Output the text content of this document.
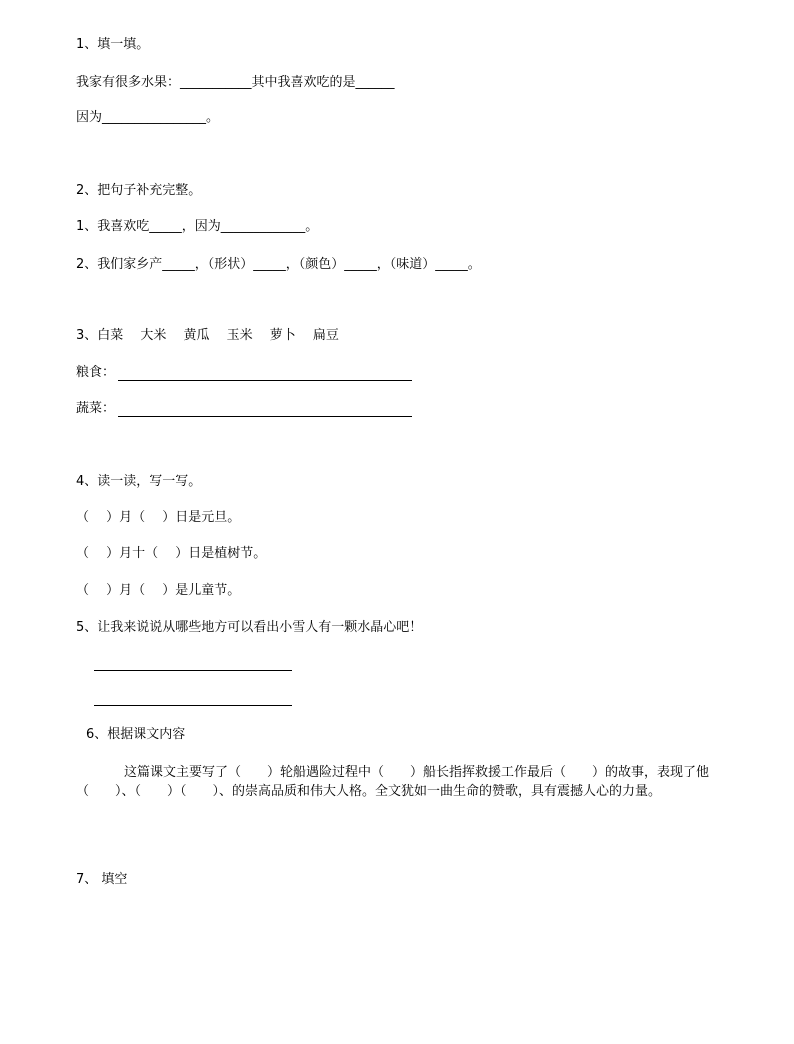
1、填一填。

我家有很多水果：___________其中我喜欢吃的是______

因为________________。

2、把句子补充完整。

1、我喜欢吃_____，因为_____________。

2、我们家乡产_____，（形状）_____，（颜色）_____，（味道）_____。

3、白菜　 大米　 黄瓜　 玉米　 萝卜　 扁豆

粮食：

蔬菜：

4、读一读，写一写。

（　 ）月（　 ）日是元旦。

（　 ）月十（　 ）日是植树节。

（　 ）月（　 ）是儿童节。

5、让我来说说从哪些地方可以看出小雪人有一颗水晶心吧！

6、根据课文内容

这篇课文主要写了（　　）轮船遇险过程中（　　）船长指挥救援工作最后（　　）的故事，表现了他（　　）、（　　）（　　）、的崇高品质和伟大人格。全文犹如一曲生命的赞歌，具有震撼人心的力量。

7、 填空
